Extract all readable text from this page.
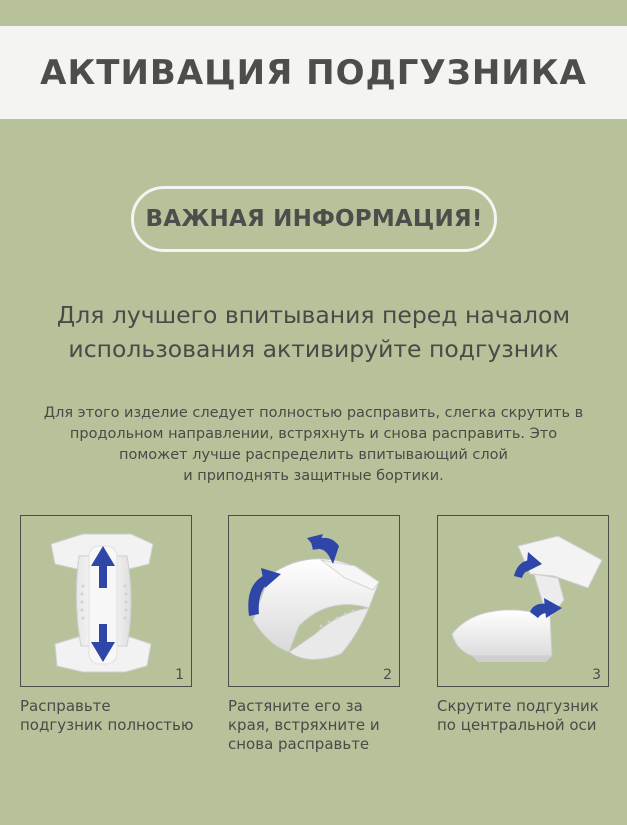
АКТИВАЦИЯ ПОДГУЗНИКА
ВАЖНАЯ ИНФОРМАЦИЯ!
Для лучшего впитывания перед началом
использования активируйте подгузник
Для этого изделие следует полностью расправить, слегка скрутить в
продольном направлении, встряхнуть и снова расправить. Это
поможет лучше распределить впитывающий слой
и приподнять защитные бортики.
1	2	3
Расправьте
подгузник полностью
Растяните его за
края, встряхните и
снова расправьте
Скрутите подгузник
по центральной оси
